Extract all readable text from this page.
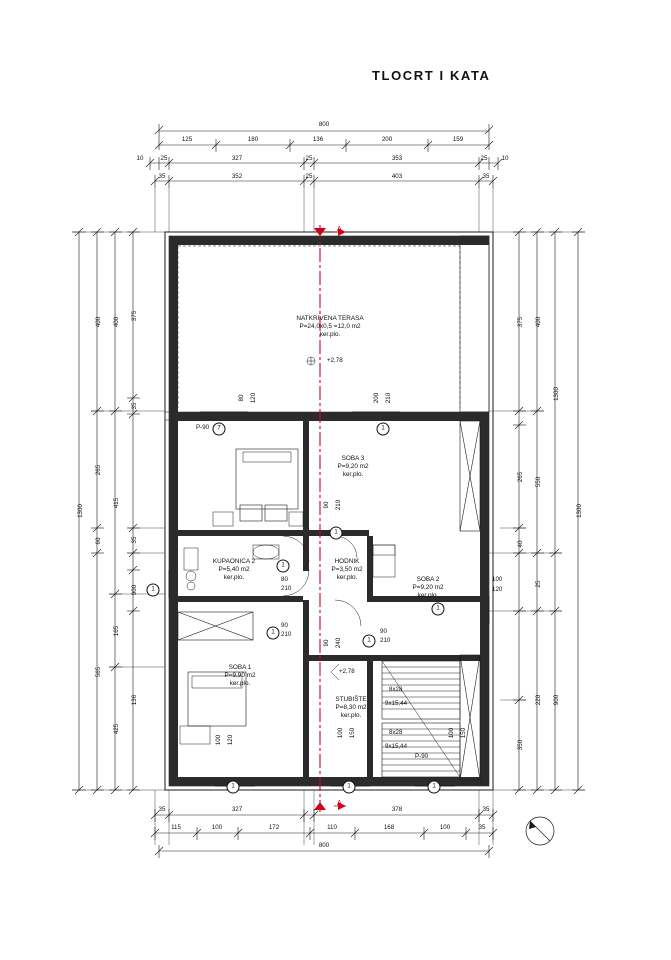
TLOCRT I KATA
800
125	180	136	200	159
10	25	327	25	353	25 10
35	352	25	403	35
35	327	378	35
115	100	172	110	168	100	35
800
1300
400
265
60
565
400
415
165
425
375
35
35
900
136
375
265
40
350
400
550
25
220
1300
900
1300
NATKRIVENA TERASA
P=24,0x0,5 =12,0 m2
ker.plo.
+2,78
SOBA 3
P=9,20 m2
ker.plo.
KUPAONICA 2
P=5,40 m2
ker.plo.
HODNIK
P=3,50 m2
ker.plo.	SOBA 2
P=9,20 m2
ker.plo.
SOBA 1
P=9,90 m2
ker.plo.
STUBIŠTE
P=8,30 m2
ker.plo.
+2,78
8x28
9x15,44
8x28
9x15,44
P-90
P-90
80 120	200 210
90 210
80
210
90
210	90
210
90 240
100
120
100 120
100 150	100 150
A
A
7	1
1
1
1
1
1
1	1	1
1
